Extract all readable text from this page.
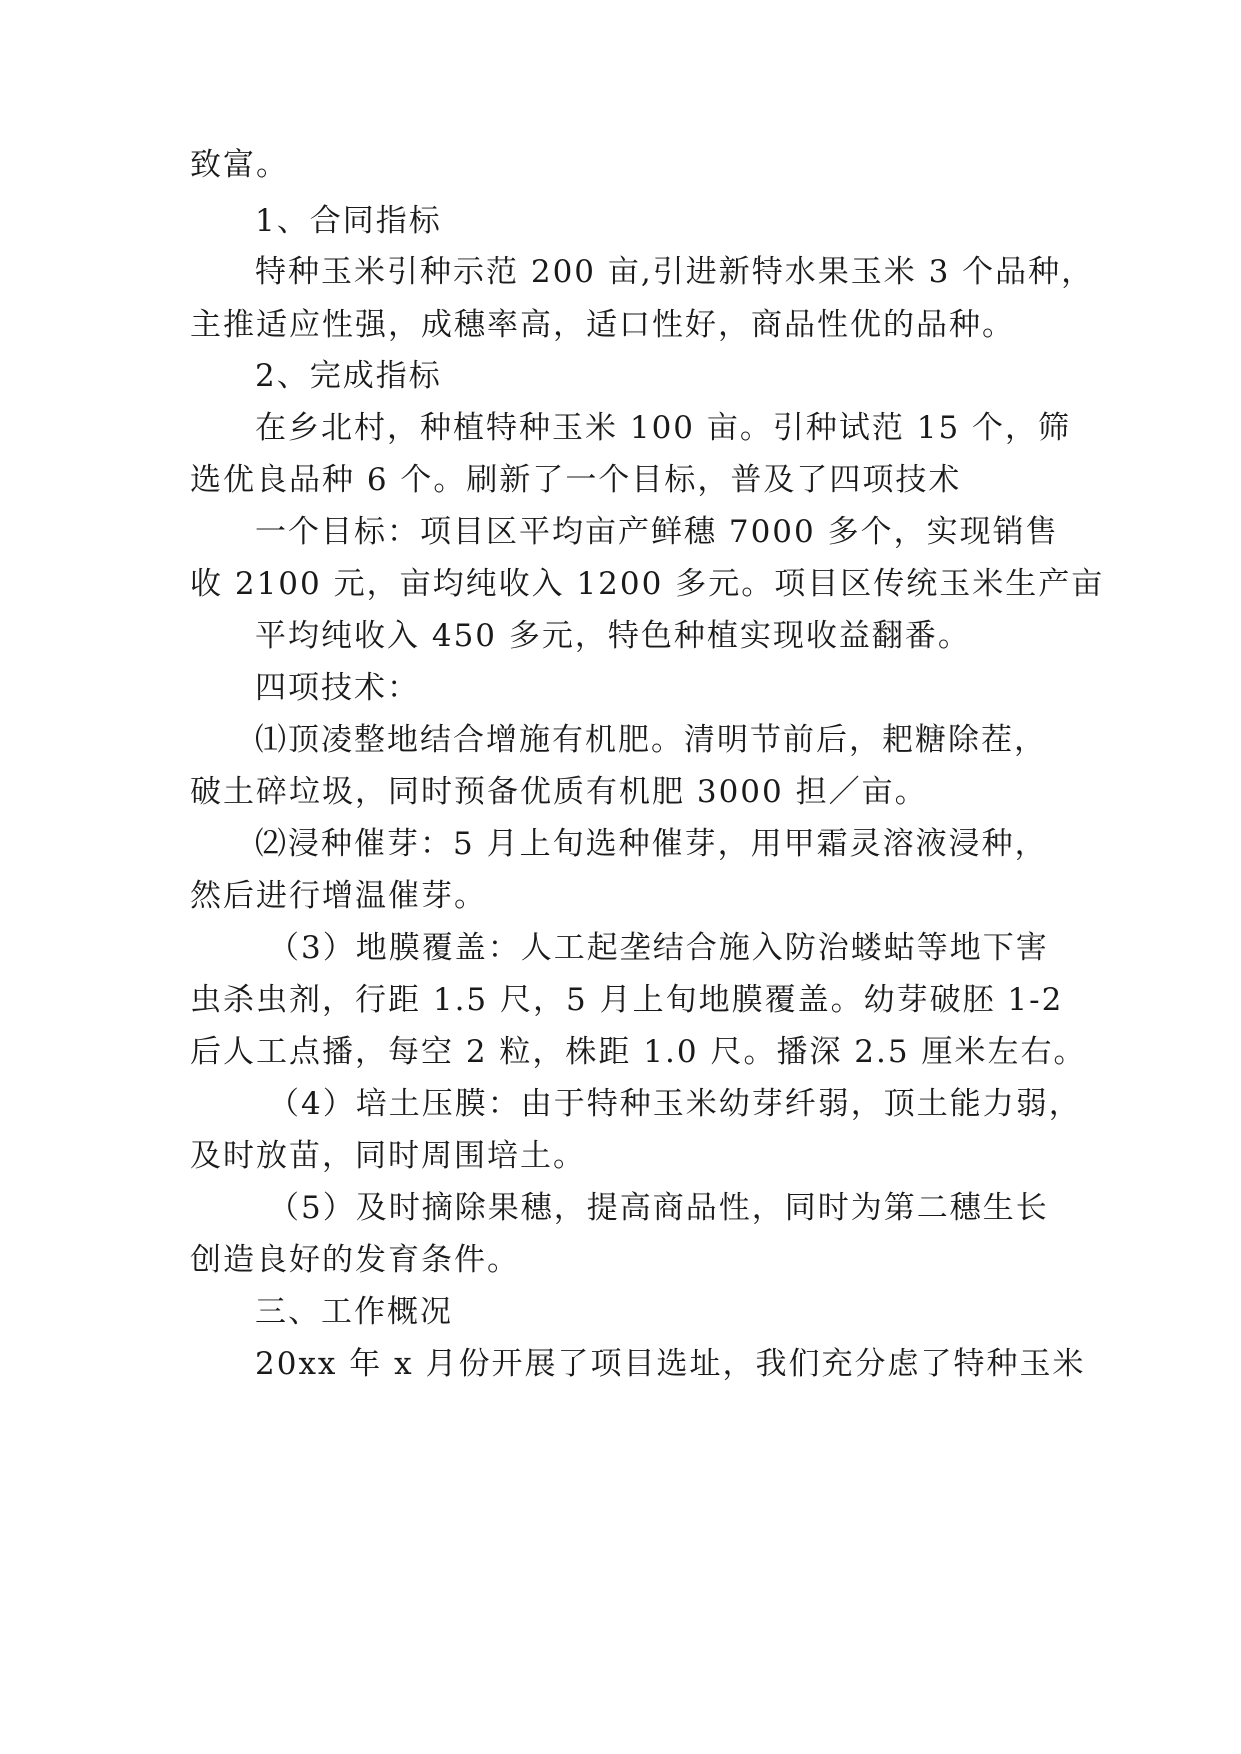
致富。

1、合同指标

特种玉米引种示范 200 亩,引进新特水果玉米 3 个品种，

主推适应性强，成穗率高，适口性好，商品性优的品种。

2、完成指标

在乡北村，种植特种玉米 100 亩。引种试范 15 个，筛

选优良品种 6 个。刷新了一个目标，普及了四项技术

一个目标：项目区平均亩产鲜穗 7000 多个，实现销售

收 2100 元，亩均纯收入 1200 多元。项目区传统玉米生产亩

平均纯收入 450 多元，特色种植实现收益翻番。

四项技术：

⑴顶凌整地结合增施有机肥。清明节前后，耙糖除茬，

破土碎垃圾，同时预备优质有机肥 3000 担／亩。

⑵浸种催芽：5 月上旬选种催芽，用甲霜灵溶液浸种，

然后进行增温催芽。

（3）地膜覆盖：人工起垄结合施入防治蝼蛄等地下害

虫杀虫剂，行距 1.5 尺，5 月上旬地膜覆盖。幼芽破胚 1-2

后人工点播，每空 2 粒，株距 1.0 尺。播深 2.5 厘米左右。

（4）培土压膜：由于特种玉米幼芽纤弱，顶土能力弱，

及时放苗，同时周围培土。

（5）及时摘除果穗，提高商品性，同时为第二穗生长

创造良好的发育条件。

三、工作概况

20xx 年 x 月份开展了项目选址，我们充分虑了特种玉米
